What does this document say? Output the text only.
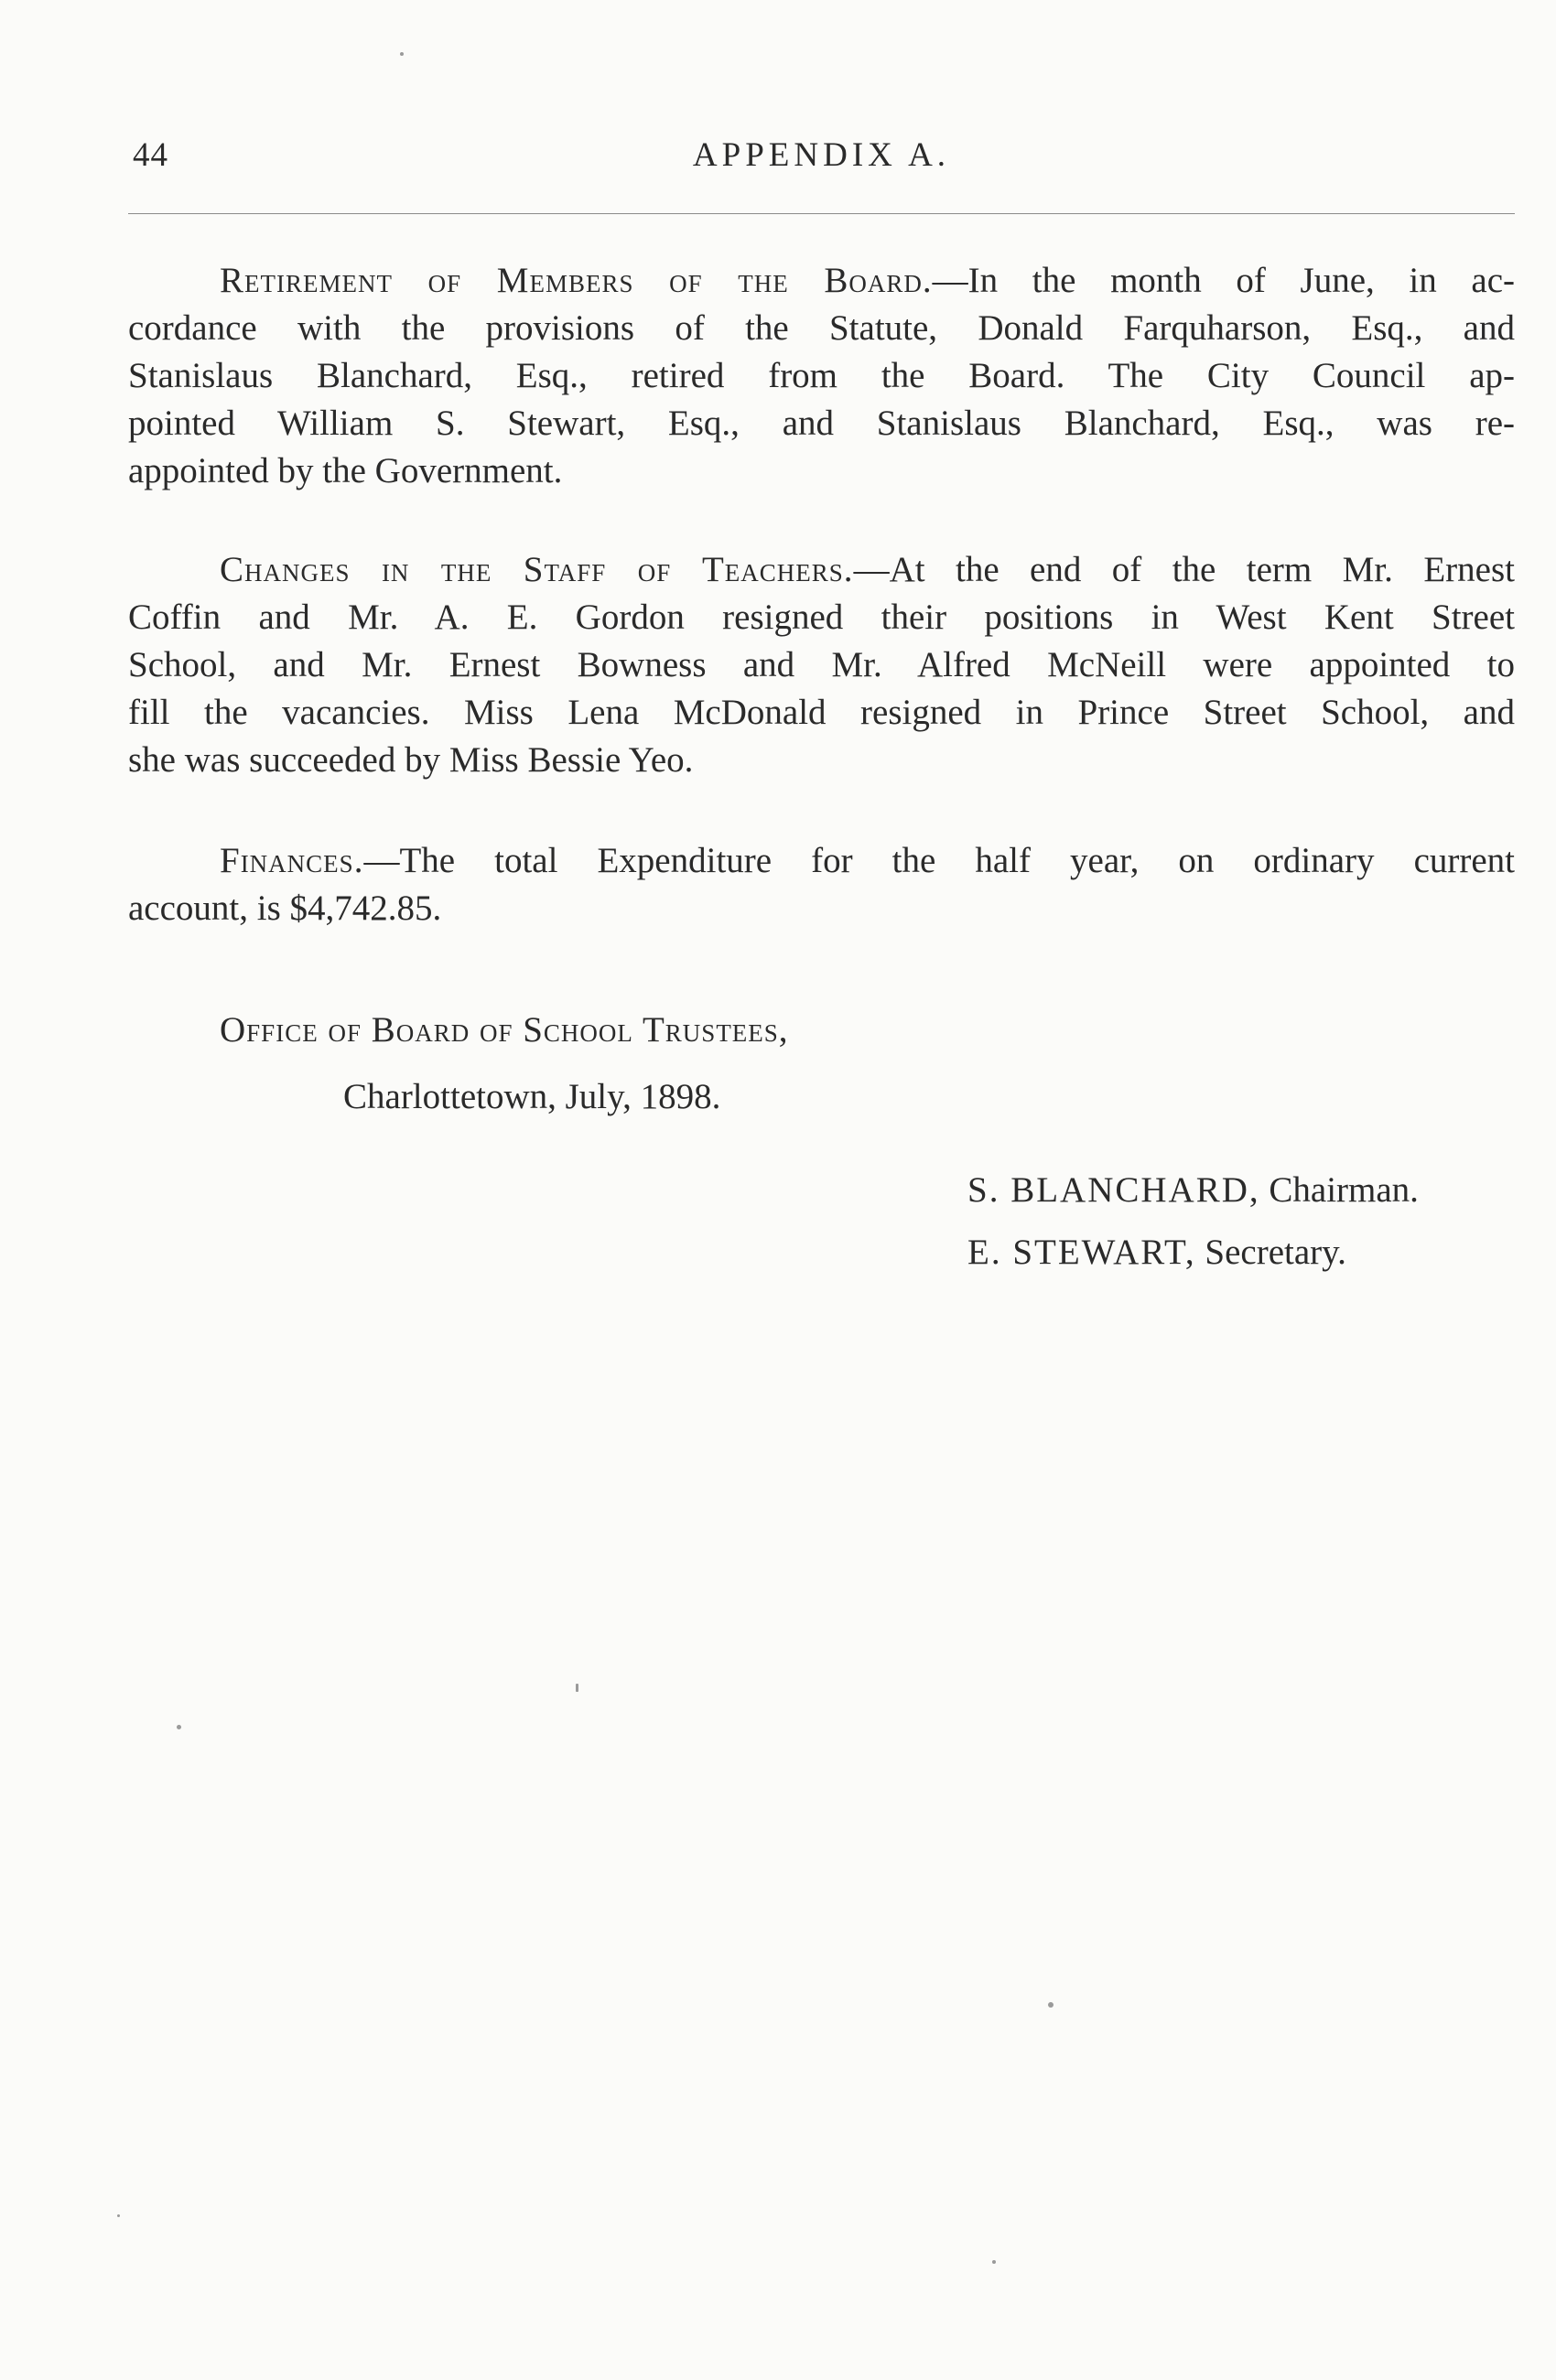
44	APPENDIX A.
Retirement of Members of the Board.—In the month of June, in ac-
cordance with the provisions of the Statute, Donald Farquharson, Esq., and
Stanislaus Blanchard, Esq., retired from the Board. The City Council ap-
pointed William S. Stewart, Esq., and Stanislaus Blanchard, Esq., was re-
appointed by the Government.
Changes in the Staff of Teachers.—At the end of the term Mr. Ernest
Coffin and Mr. A. E. Gordon resigned their positions in West Kent Street
School, and Mr. Ernest Bowness and Mr. Alfred McNeill were appointed to
fill the vacancies. Miss Lena McDonald resigned in Prince Street School, and
she was succeeded by Miss Bessie Yeo.
Finances.—The total Expenditure for the half year, on ordinary current
account, is $4,742.85.
Office of Board of School Trustees,
Charlottetown, July, 1898.
S. BLANCHARD, Chairman.
E. STEWART, Secretary.
